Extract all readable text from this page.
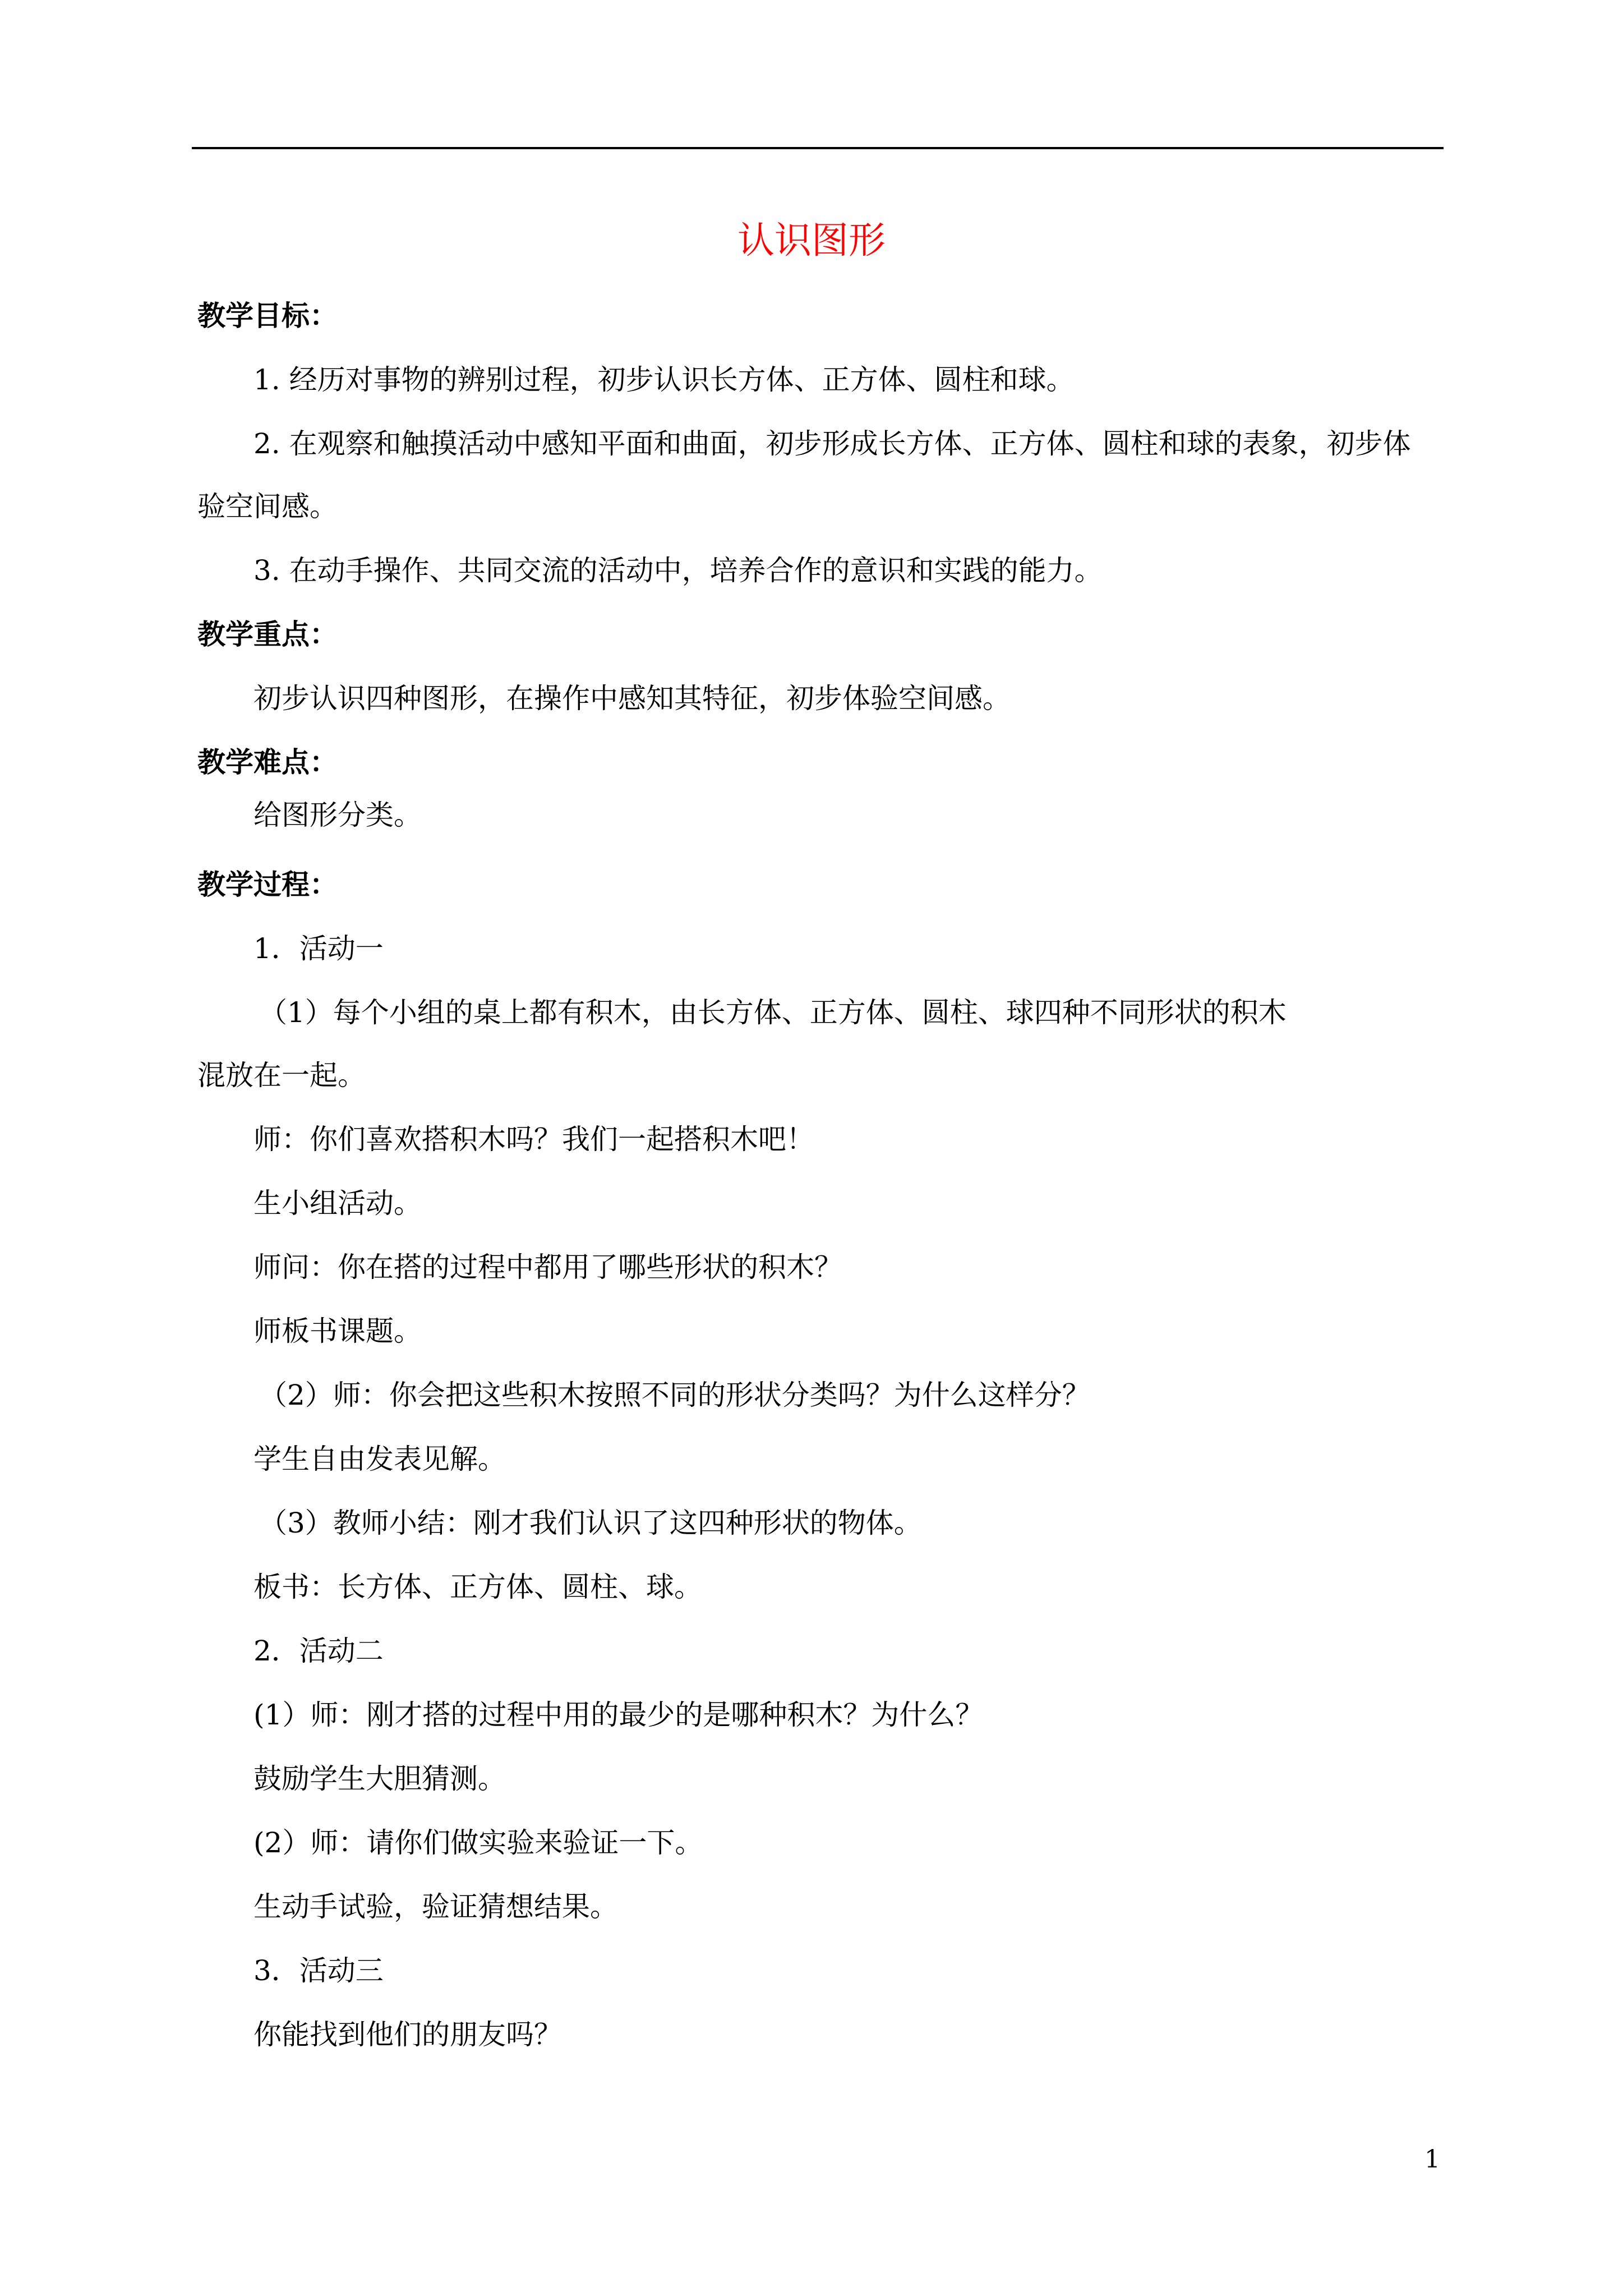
认识图形
教学目标：
1. 经历对事物的辨别过程，初步认识长方体、正方体、圆柱和球。
2. 在观察和触摸活动中感知平面和曲面，初步形成长方体、正方体、圆柱和球的表象，初步体
验空间感。
3. 在动手操作、共同交流的活动中，培养合作的意识和实践的能力。
教学重点：
初步认识四种图形，在操作中感知其特征，初步体验空间感。
教学难点：
给图形分类。
教学过程：
1．活动一
（1）每个小组的桌上都有积木，由长方体、正方体、圆柱、球四种不同形状的积木
混放在一起。
师：你们喜欢搭积木吗？我们一起搭积木吧！
生小组活动。
师问：你在搭的过程中都用了哪些形状的积木？
师板书课题。
（2）师：你会把这些积木按照不同的形状分类吗？为什么这样分？
学生自由发表见解。
（3）教师小结：刚才我们认识了这四种形状的物体。
板书：长方体、正方体、圆柱、球。
2．活动二
(1）师：刚才搭的过程中用的最少的是哪种积木？为什么？
鼓励学生大胆猜测。
(2）师：请你们做实验来验证一下。
生动手试验，验证猜想结果。
3．活动三
你能找到他们的朋友吗？
1
